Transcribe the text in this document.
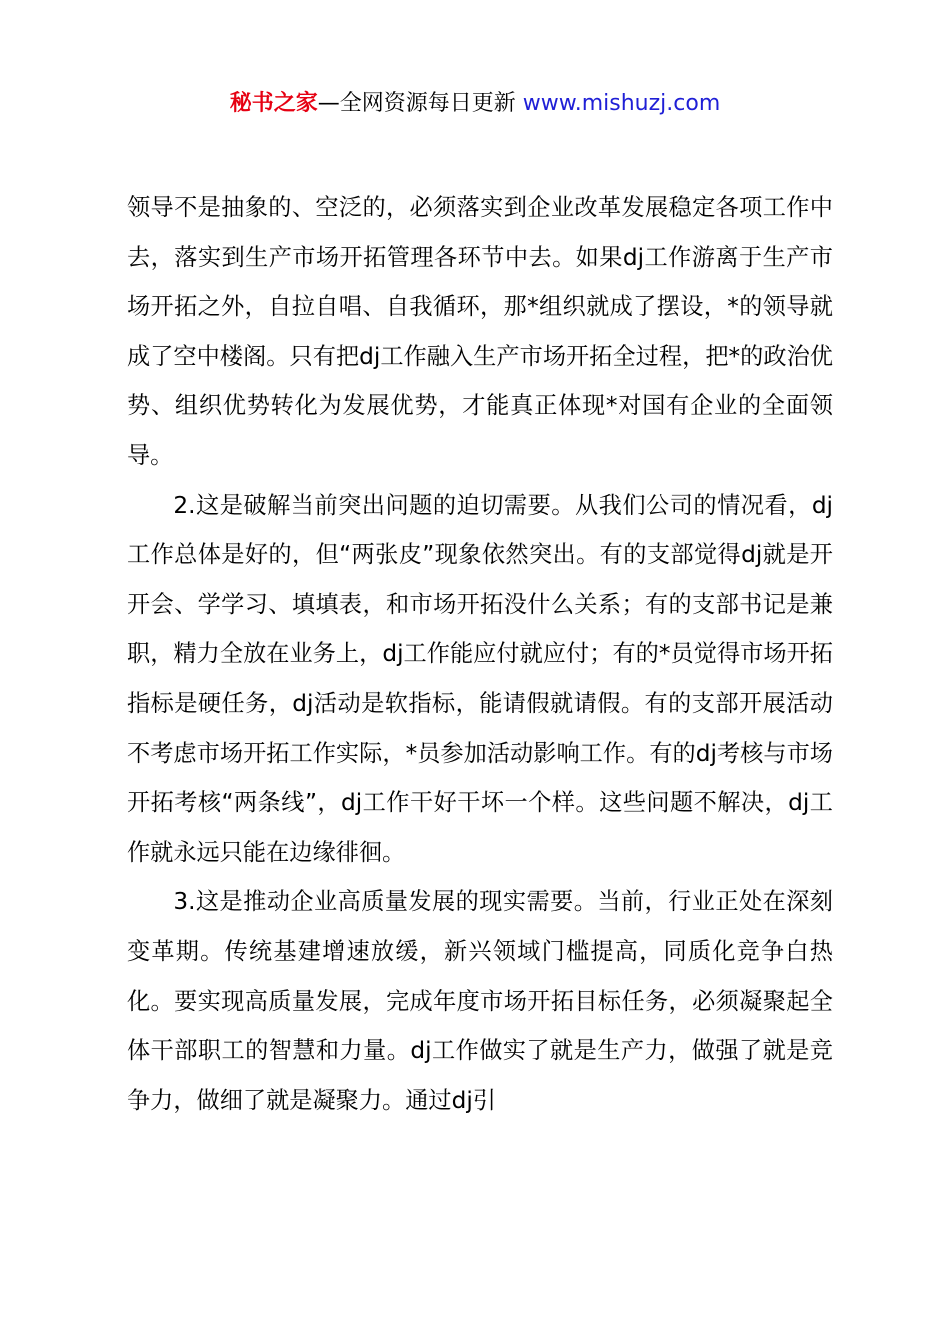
秘书之家—全网资源每日更新 www.mishuzj.com

领导不是抽象的、空泛的，必须落实到企业改革发展稳定各项工作中去，落实到生产市场开拓管理各环节中去。如果dj工作游离于生产市场开拓之外，自拉自唱、自我循环，那*组织就成了摆设，*的领导就成了空中楼阁。只有把dj工作融入生产市场开拓全过程，把*的政治优势、组织优势转化为发展优势，才能真正体现*对国有企业的全面领导。

2.这是破解当前突出问题的迫切需要。从我们公司的情况看，dj工作总体是好的，但“两张皮”现象依然突出。有的支部觉得dj就是开开会、学学习、填填表，和市场开拓没什么关系；有的支部书记是兼职，精力全放在业务上，dj工作能应付就应付；有的*员觉得市场开拓指标是硬任务，dj活动是软指标，能请假就请假。有的支部开展活动不考虑市场开拓工作实际，*员参加活动影响工作。有的dj考核与市场开拓考核“两条线”，dj工作干好干坏一个样。这些问题不解决，dj工作就永远只能在边缘徘徊。

3.这是推动企业高质量发展的现实需要。当前，行业正处在深刻变革期。传统基建增速放缓，新兴领域门槛提高，同质化竞争白热化。要实现高质量发展，完成年度市场开拓目标任务，必须凝聚起全体干部职工的智慧和力量。dj工作做实了就是生产力，做强了就是竞争力，做细了就是凝聚力。通过dj引
